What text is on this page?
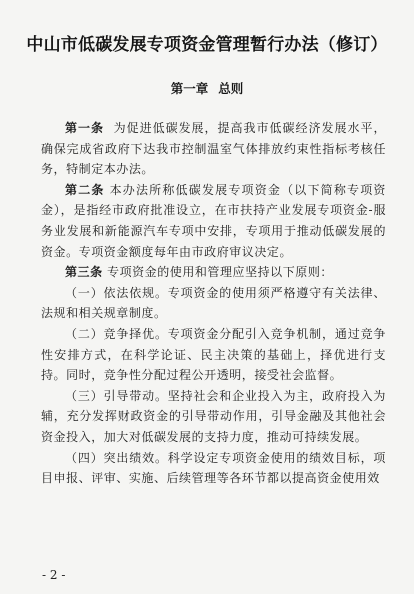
中山市低碳发展专项资金管理暂行办法（修订）
第一章 总则

第一条 为促进低碳发展，提高我市低碳经济发展水平，确保完成省政府下达我市控制温室气体排放约束性指标考核任务，特制定本办法。

第二条 本办法所称低碳发展专项资金（以下简称专项资金），是指经市政府批准设立，在市扶持产业发展专项资金-服务业发展和新能源汽车专项中安排，专项用于推动低碳发展的资金。专项资金额度每年由市政府审议决定。

第三条 专项资金的使用和管理应坚持以下原则：

（一）依法依规。专项资金的使用须严格遵守有关法律、法规和相关规章制度。

（二）竞争择优。专项资金分配引入竞争机制，通过竞争性安排方式，在科学论证、民主决策的基础上，择优进行支持。同时，竞争性分配过程公开透明，接受社会监督。

（三）引导带动。坚持社会和企业投入为主，政府投入为辅，充分发挥财政资金的引导带动作用，引导金融及其他社会资金投入，加大对低碳发展的支持力度，推动可持续发展。

（四）突出绩效。科学设定专项资金使用的绩效目标，项目申报、评审、实施、后续管理等各环节都以提高资金使用效

- 2 -
